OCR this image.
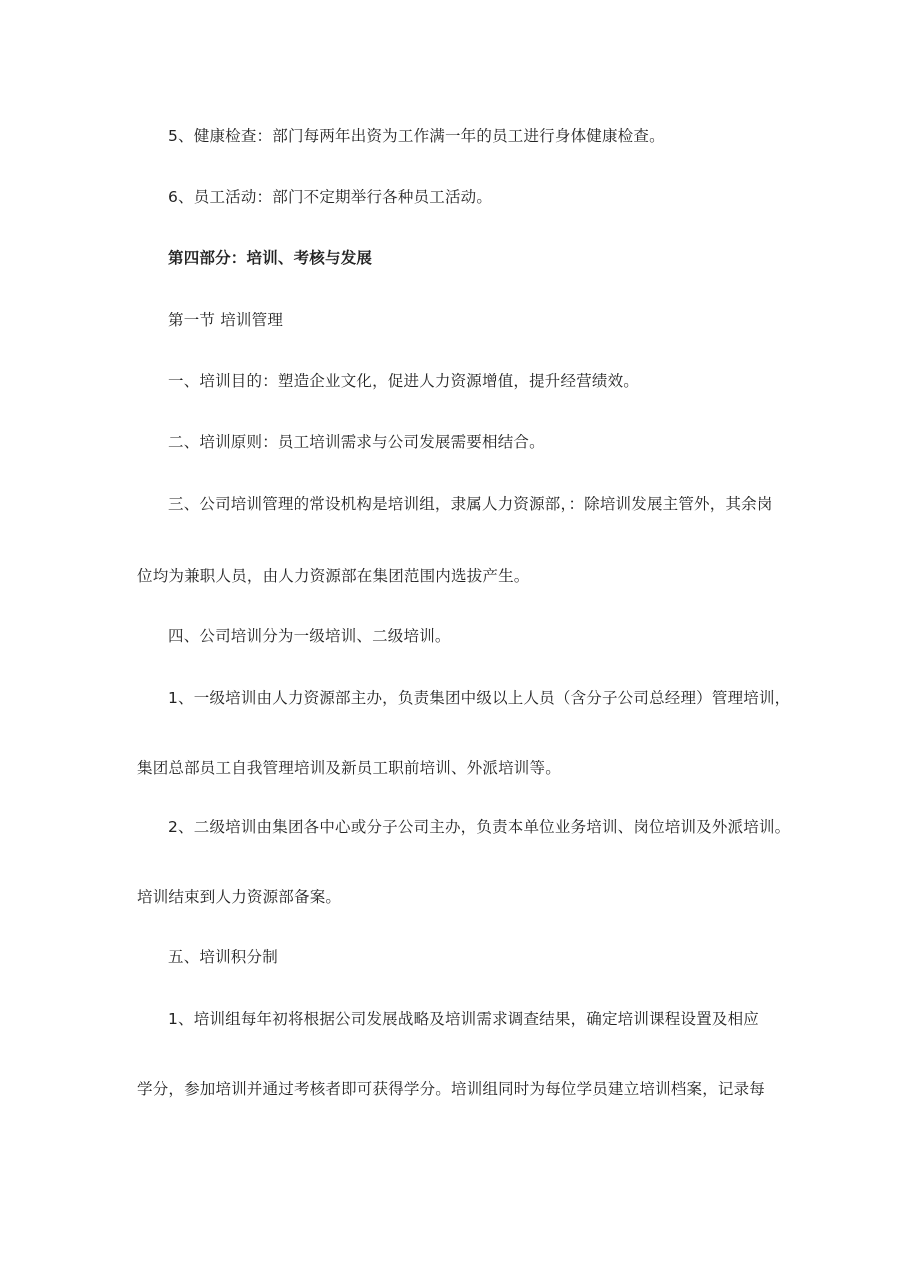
5、健康检查：部门每两年出资为工作满一年的员工进行身体健康检查。
6、员工活动：部门不定期举行各种员工活动。
第四部分：培训、考核与发展
第一节 培训管理
一、培训目的：塑造企业文化，促进人力资源增值，提升经营绩效。
二、培训原则：员工培训需求与公司发展需要相结合。
三、公司培训管理的常设机构是培训组，隶属人力资源部，：除培训发展主管外，其余岗
位均为兼职人员，由人力资源部在集团范围内选拔产生。
四、公司培训分为一级培训、二级培训。
1、一级培训由人力资源部主办，负责集团中级以上人员（含分子公司总经理）管理培训，
集团总部员工自我管理培训及新员工职前培训、外派培训等。
2、二级培训由集团各中心或分子公司主办，负责本单位业务培训、岗位培训及外派培训。
培训结束到人力资源部备案。
五、培训积分制
1、培训组每年初将根据公司发展战略及培训需求调查结果，确定培训课程设置及相应
学分，参加培训并通过考核者即可获得学分。培训组同时为每位学员建立培训档案，记录每
